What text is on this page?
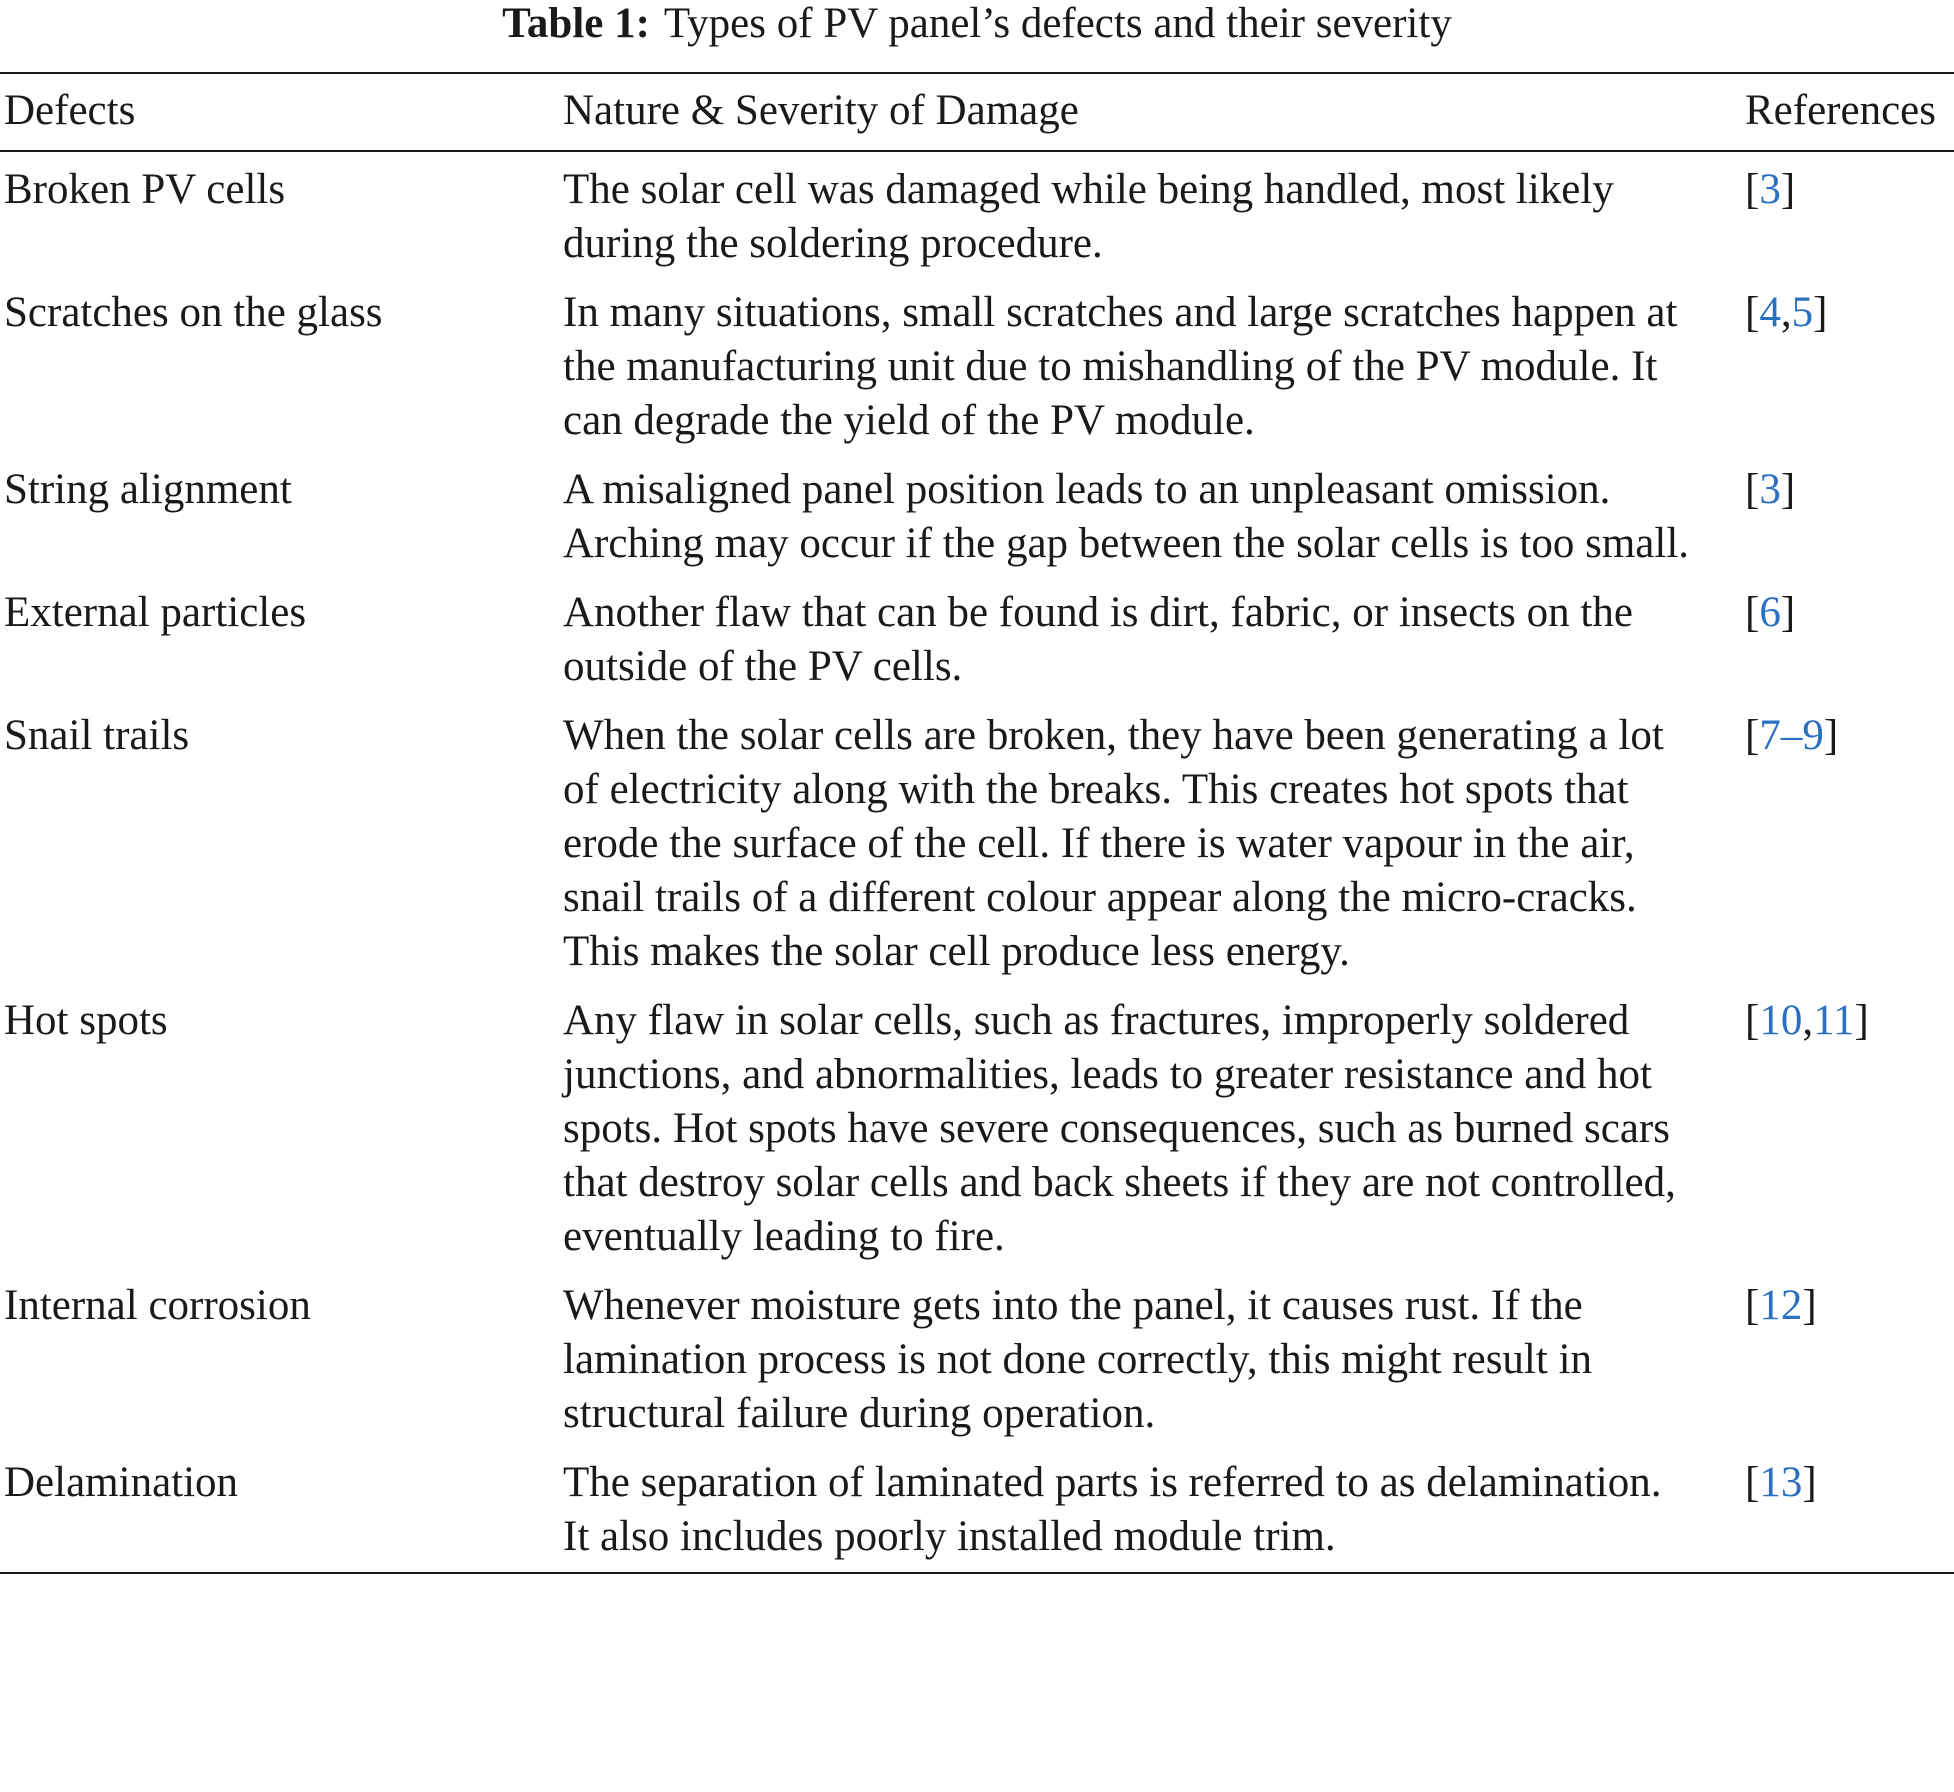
Table 1: Types of PV panel’s defects and their severity
Defects	Nature & Severity of Damage	References
Broken PV cells	The solar cell was damaged while being handled, most likely during the soldering procedure.	[3]
Scratches on the glass	In many situations, small scratches and large scratches happen at the manufacturing unit due to mishandling of the PV module. It can degrade the yield of the PV module.	[4,5]
String alignment	A misaligned panel position leads to an unpleasant omission. Arching may occur if the gap between the solar cells is too small.	[3]
External particles	Another flaw that can be found is dirt, fabric, or insects on the outside of the PV cells.	[6]
Snail trails	When the solar cells are broken, they have been generating a lot of electricity along with the breaks. This creates hot spots that erode the surface of the cell. If there is water vapour in the air, snail trails of a different colour appear along the micro-cracks. This makes the solar cell produce less energy.	[7–9]
Hot spots	Any flaw in solar cells, such as fractures, improperly soldered junctions, and abnormalities, leads to greater resistance and hot spots. Hot spots have severe consequences, such as burned scars that destroy solar cells and back sheets if they are not controlled, eventually leading to fire.	[10,11]
Internal corrosion	Whenever moisture gets into the panel, it causes rust. If the lamination process is not done correctly, this might result in structural failure during operation.	[12]
Delamination	The separation of laminated parts is referred to as delamination. It also includes poorly installed module trim.	[13]
